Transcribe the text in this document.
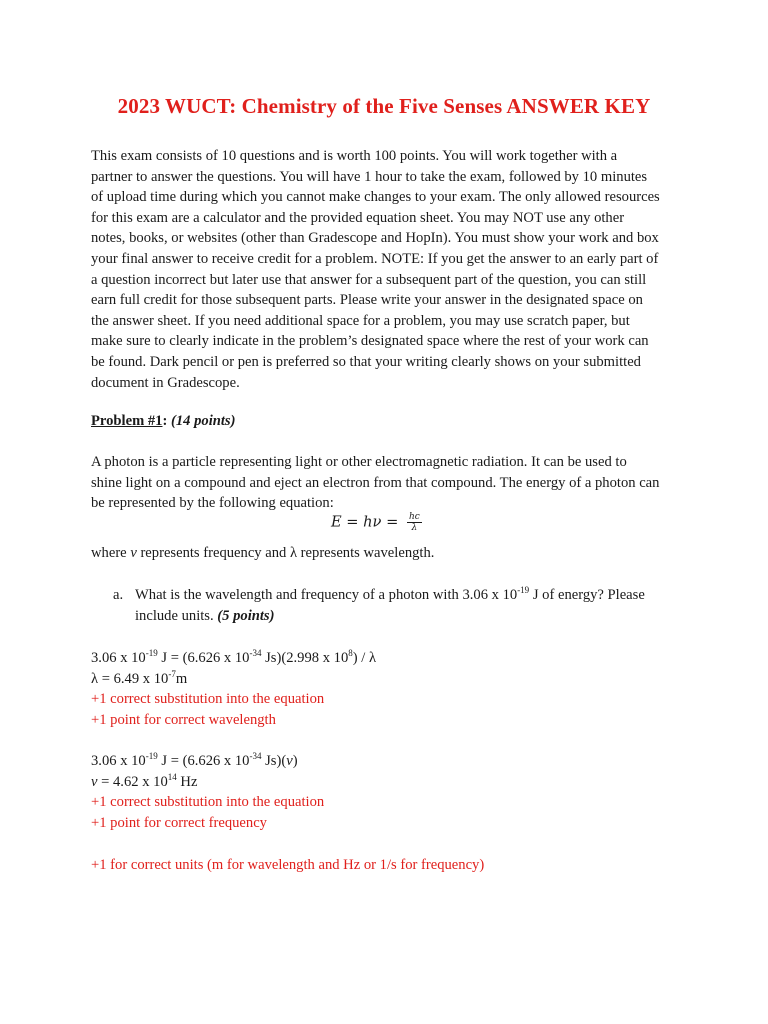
2023 WUCT: Chemistry of the Five Senses ANSWER KEY
This exam consists of 10 questions and is worth 100 points. You will work together with a
partner to answer the questions. You will have 1 hour to take the exam, followed by 10 minutes
of upload time during which you cannot make changes to your exam. The only allowed resources
for this exam are a calculator and the provided equation sheet. You may NOT use any other
notes, books, or websites (other than Gradescope and HopIn). You must show your work and box
your final answer to receive credit for a problem. NOTE: If you get the answer to an early part of
a question incorrect but later use that answer for a subsequent part of the question, you can still
earn full credit for those subsequent parts. Please write your answer in the designated space on
the answer sheet. If you need additional space for a problem, you may use scratch paper, but
make sure to clearly indicate in the problem’s designated space where the rest of your work can
be found. Dark pencil or pen is preferred so that your writing clearly shows on your submitted
document in Gradescope.
Problem #1: (14 points)
A photon is a particle representing light or other electromagnetic radiation. It can be used to
shine light on a compound and eject an electron from that compound. The energy of a photon can
be represented by the following equation:
$E = h\nu = \frac{hc}{\lambda}$
where ν represents frequency and λ represents wavelength.
a. What is the wavelength and frequency of a photon with 3.06 x $10^{-19}$ J of energy? Please
include units. (5 points)
3.06 x $10^{-19}$ J = (6.626 x $10^{-34}$ Js)(2.998 x $10^8$) / λ
λ = 6.49 x $10^{-7}m$
+1 correct substitution into the equation
+1 point for correct wavelength
3.06 x $10^{-19}$ J = (6.626 x $10^{-34}$ Js)(ν)
ν = 4.62 x $10^{14}$ Hz
+1 correct substitution into the equation
+1 point for correct frequency
+1 for correct units (m for wavelength and Hz or 1/s for frequency)
